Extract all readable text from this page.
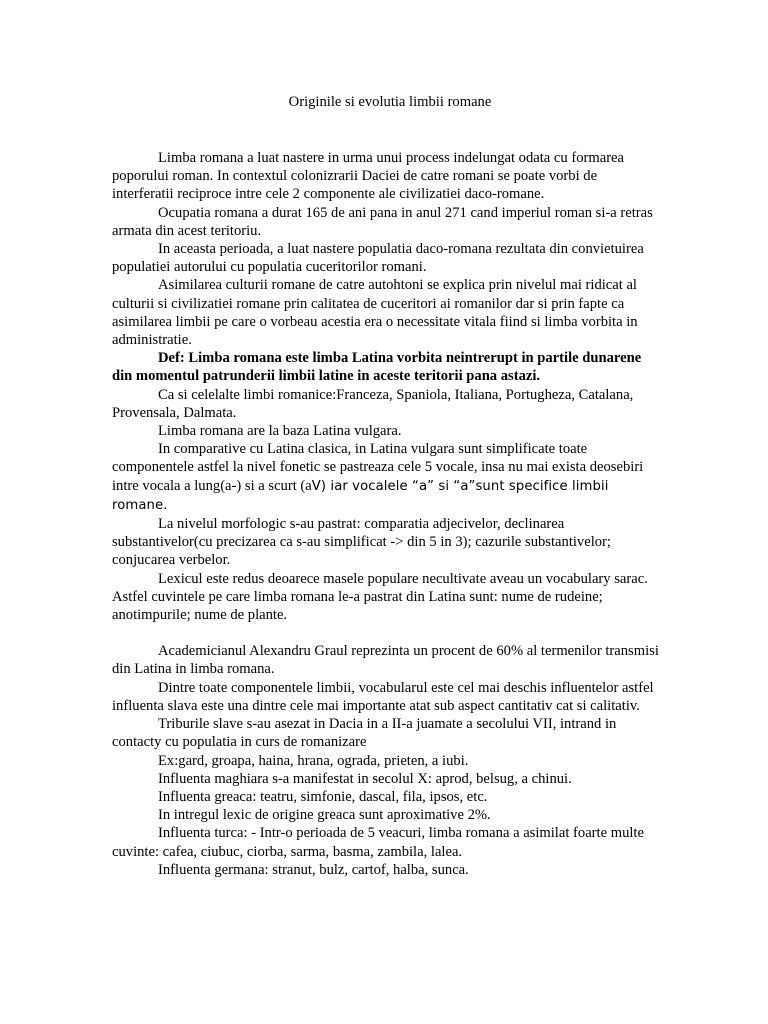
Originile si evolutia limbii romane

Limba romana a luat nastere in urma unui process indelungat odata cu formarea poporului roman. In contextul colonizrarii Daciei de catre romani se poate vorbi de interferatii reciproce intre cele 2 componente ale civilizatiei daco-romane.

Ocupatia romana a durat 165 de ani pana in anul 271 cand imperiul roman si-a retras armata din acest teritoriu.

In aceasta perioada, a luat nastere populatia daco-romana rezultata din convietuirea populatiei autorului cu populatia cuceritorilor romani.

Asimilarea culturii romane de catre autohtoni se explica prin nivelul mai ridicat al culturii si civilizatiei romane prin calitatea de cuceritori ai romanilor dar si prin fapte ca asimilarea limbii pe care o vorbeau acestia era o necessitate vitala fiind si limba vorbita in administratie.

Def: Limba romana este limba Latina vorbita neintrerupt in partile dunarene din momentul patrunderii limbii latine in aceste teritorii pana astazi.

Ca si celelalte limbi romanice:Franceza, Spaniola, Italiana, Portugheza, Catalana, Provensala, Dalmata.

Limba romana are la baza Latina vulgara.

In comparative cu Latina clasica, in Latina vulgara sunt simplificate toate componentele astfel la nivel fonetic se pastreaza cele 5 vocale, insa nu mai exista deosebiri intre vocala a lung(a-) si a scurt (aV) iar vocalele “a” si “a”sunt specifice limbii romane.

La nivelul morfologic s-au pastrat: comparatia adjecivelor, declinarea substantivelor(cu precizarea ca s-au simplificat -> din 5 in 3); cazurile substantivelor; conjucarea verbelor.

Lexicul este redus deoarece masele populare necultivate aveau un vocabulary sarac. Astfel cuvintele pe care limba romana le-a pastrat din Latina sunt: nume de rudeine; anotimpurile; nume de plante.

Academicianul Alexandru Graul reprezinta un procent de 60% al termenilor transmisi din Latina in limba romana.

Dintre toate componentele limbii, vocabularul este cel mai deschis influentelor astfel influenta slava este una dintre cele mai importante atat sub aspect cantitativ cat si calitativ.

Triburile slave s-au asezat in Dacia in a II-a juamate a secolului VII, intrand in contacty cu populatia in curs de romanizare

Ex:gard, groapa, haina, hrana, ograda, prieten, a iubi.

Influenta maghiara s-a manifestat in secolul X: aprod, belsug, a chinui.

Influenta greaca: teatru, simfonie, dascal, fila, ipsos, etc.

In intregul lexic de origine greaca sunt aproximative 2%.

Influenta turca: - Intr-o perioada de 5 veacuri, limba romana a asimilat foarte multe cuvinte: cafea, ciubuc, ciorba, sarma, basma, zambila, lalea.

Influenta germana: stranut, bulz, cartof, halba, sunca.
